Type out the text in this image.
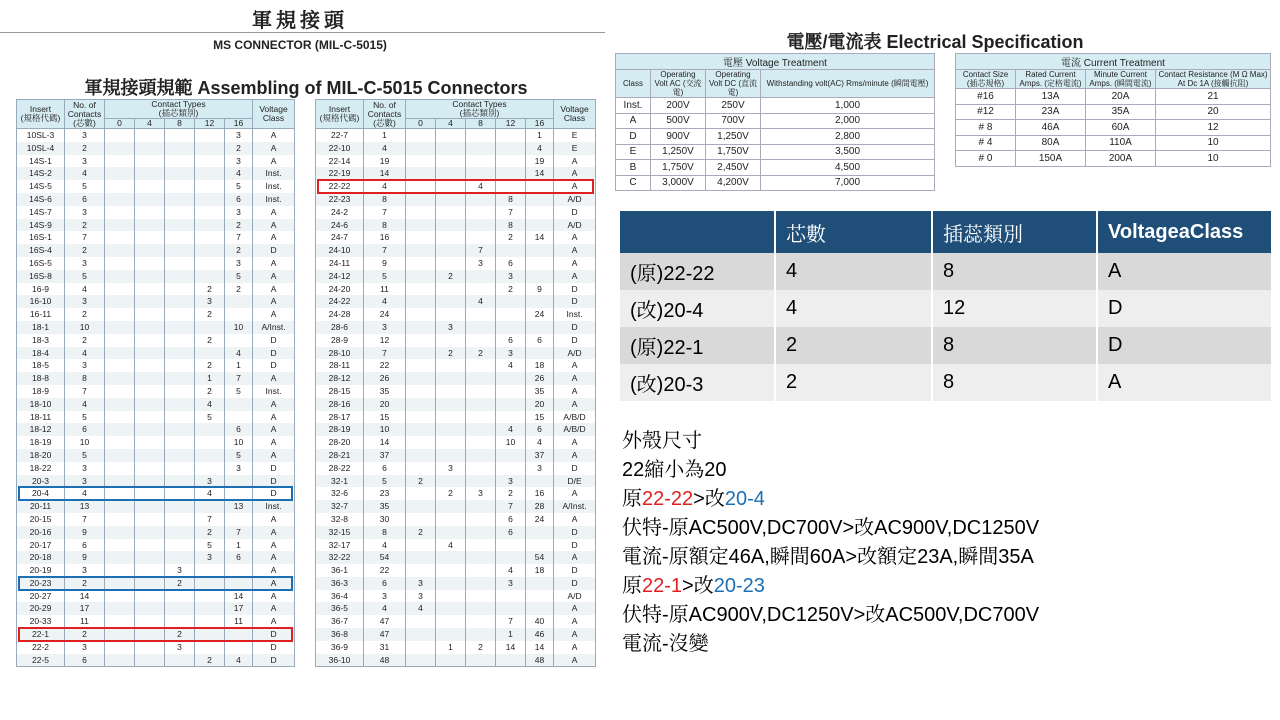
軍規接頭
MS CONNECTOR (MIL-C-5015)
軍規接頭規範 Assembling of MIL-C-5015 Connectors
Insert
(規格代碼)	No. of
Contacts
(芯數)	Contact Types
(插芯類別)					Voltage
Class
		0	4	8	12	16	
10SL-3	3					3	A
10SL-4	2					2	A
14S-1	3					3	A
14S-2	4					4	Inst.
14S-5	5					5	Inst.
14S-6	6					6	Inst.
14S-7	3					3	A
14S-9	2					2	A
16S-1	7					7	A
16S-4	2					2	D
16S-5	3					3	A
16S-8	5					5	A
16-9	4				2	2	A
16-10	3				3		A
16-11	2				2		A
18-1	10					10	A/Inst.
18-3	2				2		D
18-4	4					4	D
18-5	3				2	1	D
18-8	8				1	7	A
18-9	7				2	5	Inst.
18-10	4				4		A
18-11	5				5		A
18-12	6					6	A
18-19	10					10	A
18-20	5					5	A
18-22	3					3	D
20-3	3				3		D
20-4	4				4		D
20-11	13					13	Inst.
20-15	7				7		A
20-16	9				2	7	A
20-17	6				5	1	A
20-18	9				3	6	A
20-19	3			3			A
20-23	2			2			A
20-27	14					14	A
20-29	17					17	A
20-33	11					11	A
22-1	2			2			D
22-2	3			3			D
22-5	6				2	4	D
Insert
(規格代碼)	No. of
Contacts
(芯數)	Contact Types
(插芯類別)					Voltage
Class
		0	4	8	12	16	
22-7	1					1	E
22-10	4					4	E
22-14	19					19	A
22-19	14					14	A
22-22	4			4			A
22-23	8				8		A/D
24-2	7				7		D
24-6	8				8		A/D
24-7	16				2	14	A
24-10	7			7			A
24-11	9			3	6		A
24-12	5		2		3		A
24-20	11				2	9	D
24-22	4			4			D
24-28	24					24	Inst.
28-6	3		3				D
28-9	12				6	6	D
28-10	7		2	2	3		A/D
28-11	22				4	18	A
28-12	26					26	A
28-15	35					35	A
28-16	20					20	A
28-17	15					15	A/B/D
28-19	10				4	6	A/B/D
28-20	14				10	4	A
28-21	37					37	A
28-22	6		3			3	D
32-1	5	2			3		D/E
32-6	23		2	3	2	16	A
32-7	35				7	28	A/Inst.
32-8	30				6	24	A
32-15	8	2			6		D
32-17	4		4				D
32-22	54					54	A
36-1	22				4	18	D
36-3	6	3			3		D
36-4	3	3					A/D
36-5	4	4					A
36-7	47				7	40	A
36-8	47				1	46	A
36-9	31		1	2	14	14	A
36-10	48					48	A
電壓/電流表 Electrical Specification
電壓 Voltage Treatment			
Class	Operating Volt AC (交流電)	Operating Volt DC (直流電)	Withstanding volt(AC) Rms/minute (瞬間電壓)
Inst.	200V	250V	1,000
A	500V	700V	2,000
D	900V	1,250V	2,800
E	1,250V	1,750V	3,500
B	1,750V	2,450V	4,500
C	3,000V	4,200V	7,000
電流 Current Treatment			
Contact Size (插芯規格)	Rated Current Amps. (定格電流)	Minute Current Amps. (瞬間電流)	Contact Resistance (M Ω Max) At Dc 1A (接觸抗阻)
#16	13A	20A	21
#12	23A	35A	20
# 8	46A	60A	12
# 4	80A	110A	10
# 0	150A	200A	10
	芯數	插蕊類別	VoltageaClass
(原)22-22	4	8	A
(改)20-4	4	12	D
(原)22-1	2	8	D
(改)20-3	2	8	A
外殼尺寸
22縮小為20
原22-22>改20-4
伏特-原AC500V,DC700V>改AC900V,DC1250V
電流-原額定46A,瞬間60A>改額定23A,瞬間35A
原22-1>改20-23
伏特-原AC900V,DC1250V>改AC500V,DC700V
電流-沒變
